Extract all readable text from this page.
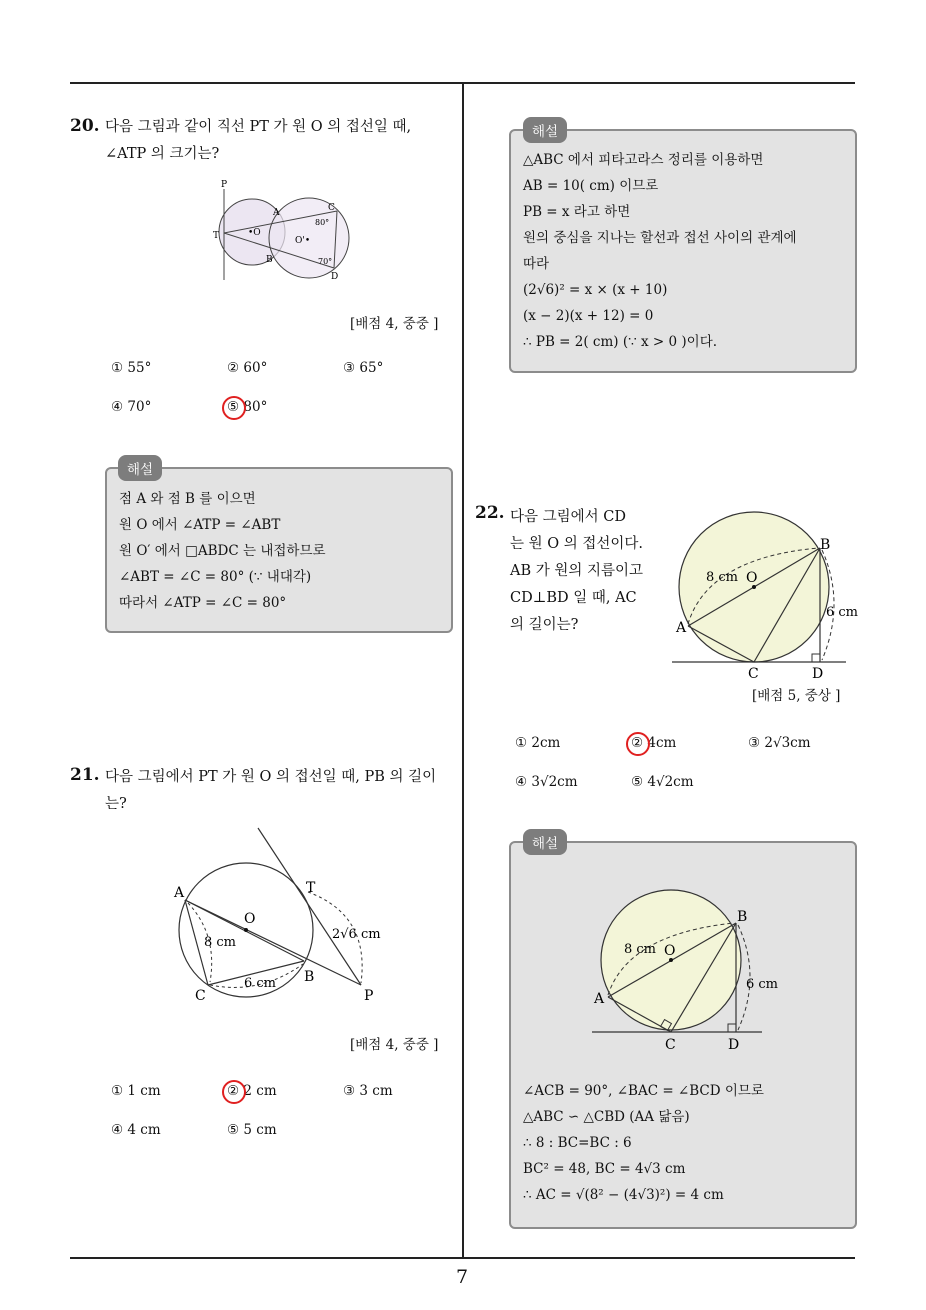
20. 다음 그림과 같이 직선 PT 가 원 O 의 접선일 때,
∠ATP 의 크기는?
P
T
A	C
•O
O'•
80°
70°
B
D
[배점 4, 중중 ]
① 55°	② 60°	③ 65°
④ 70°	⑤ 80°
해설
점 A 와 점 B 를 이으면
원 O 에서 ∠ATP = ∠ABT
원 O′ 에서 □ABDC 는 내접하므로
∠ABT = ∠C = 80° (∵ 내대각)
따라서 ∠ATP = ∠C = 80°
21. 다음 그림에서 PT 가 원 O 의 접선일 때, PB 의 길이
는?
A	T
O
2√6 cm
8 cm
B
6 cm
C	P
[배점 4, 중중 ]
① 1 cm	② 2 cm	③ 3 cm
④ 4 cm	⑤ 5 cm
해설
△ABC 에서 피타고라스 정리를 이용하면
AB = 10( cm) 이므로
PB = x 라고 하면
원의 중심을 지나는 할선과 접선 사이의 관계에
따라
(2√6)² = x × (x + 10)
(x − 2)(x + 12) = 0
∴ PB = 2( cm) (∵ x > 0 )이다.
22. 다음 그림에서 CD
는 원 O 의 접선이다.
AB 가 원의 지름이고
CD⊥BD 일 때, AC
의 길이는?
B
8 cm O
6 cm
A
C	D
[배점 5, 중상 ]
① 2cm	② 4cm	③ 2√3cm
④ 3√2cm	⑤ 4√2cm
해설
B
8 cm O
6 cm
A
C	D
∠ACB = 90°, ∠BAC = ∠BCD 이므로
△ABC ∽ △CBD (AA 닮음)
∴ 8 : BC=BC : 6
BC² = 48, BC = 4√3 cm
∴ AC = √(8² − (4√3)²) = 4 cm
7
